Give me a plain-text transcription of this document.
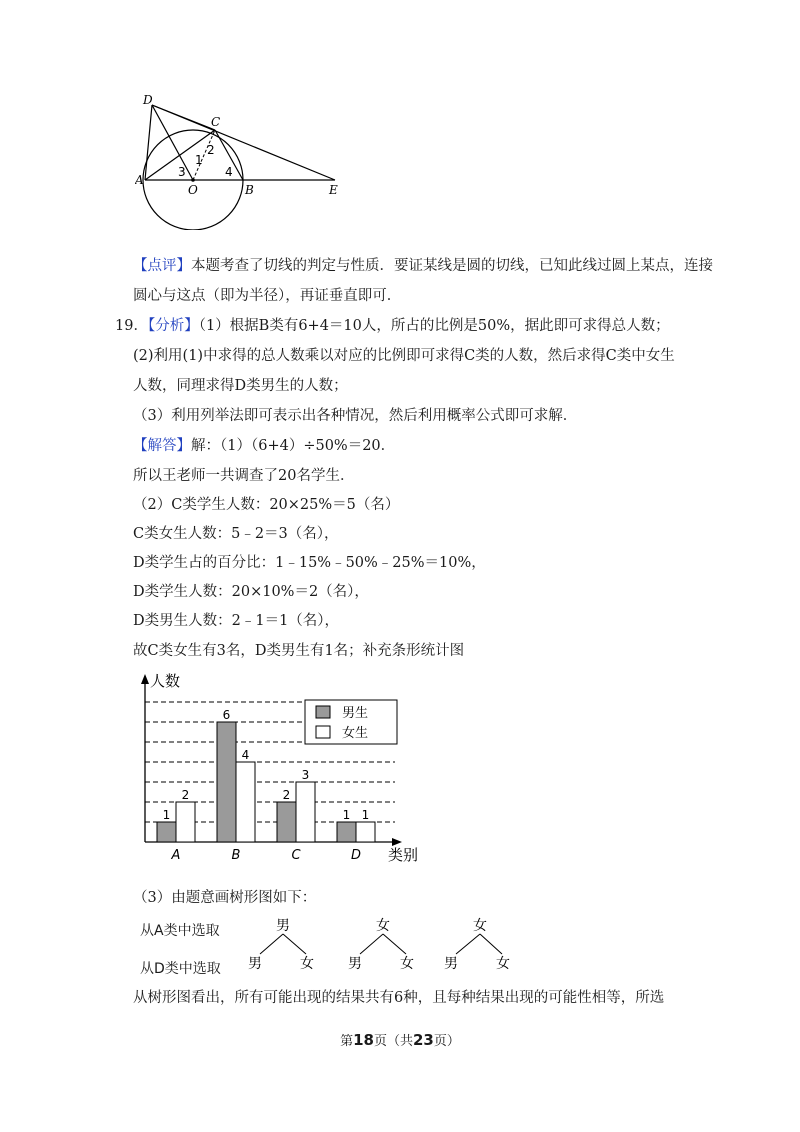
D
C
A
O	B	E
1
2
3	4
【点评】本题考查了切线的判定与性质．要证某线是圆的切线，已知此线过圆上某点，连接
圆心与这点（即为半径），再证垂直即可．
19．【分析】（1）根据B类有6+4＝10人，所占的比例是50%，据此即可求得总人数；
(2)利用(1)中求得的总人数乘以对应的比例即可求得C类的人数，然后求得C类中女生
人数，同理求得D类男生的人数；
（3）利用列举法即可表示出各种情况，然后利用概率公式即可求解．
【解答】解：（1）（6+4）÷50%＝20．
所以王老师一共调查了20名学生．
（2）C类学生人数：20×25%＝5（名）
C类女生人数：5﹣2＝3（名），
D类学生占的百分比：1﹣15%﹣50%﹣25%＝10%，
D类学生人数：20×10%＝2（名），
D类男生人数：2﹣1＝1（名），
故C类女生有3名，D类男生有1名；补充条形统计图
人数
类别
1
2
A
6
4
B
2
3
C
1 1
D
男生
女生
（3）由题意画树形图如下：
从A类中选取
从D类中选取
男	女	女
男	女 男	女 男	女
从树形图看出，所有可能出现的结果共有6种，且每种结果出现的可能性相等，所选
第18页（共23页）
